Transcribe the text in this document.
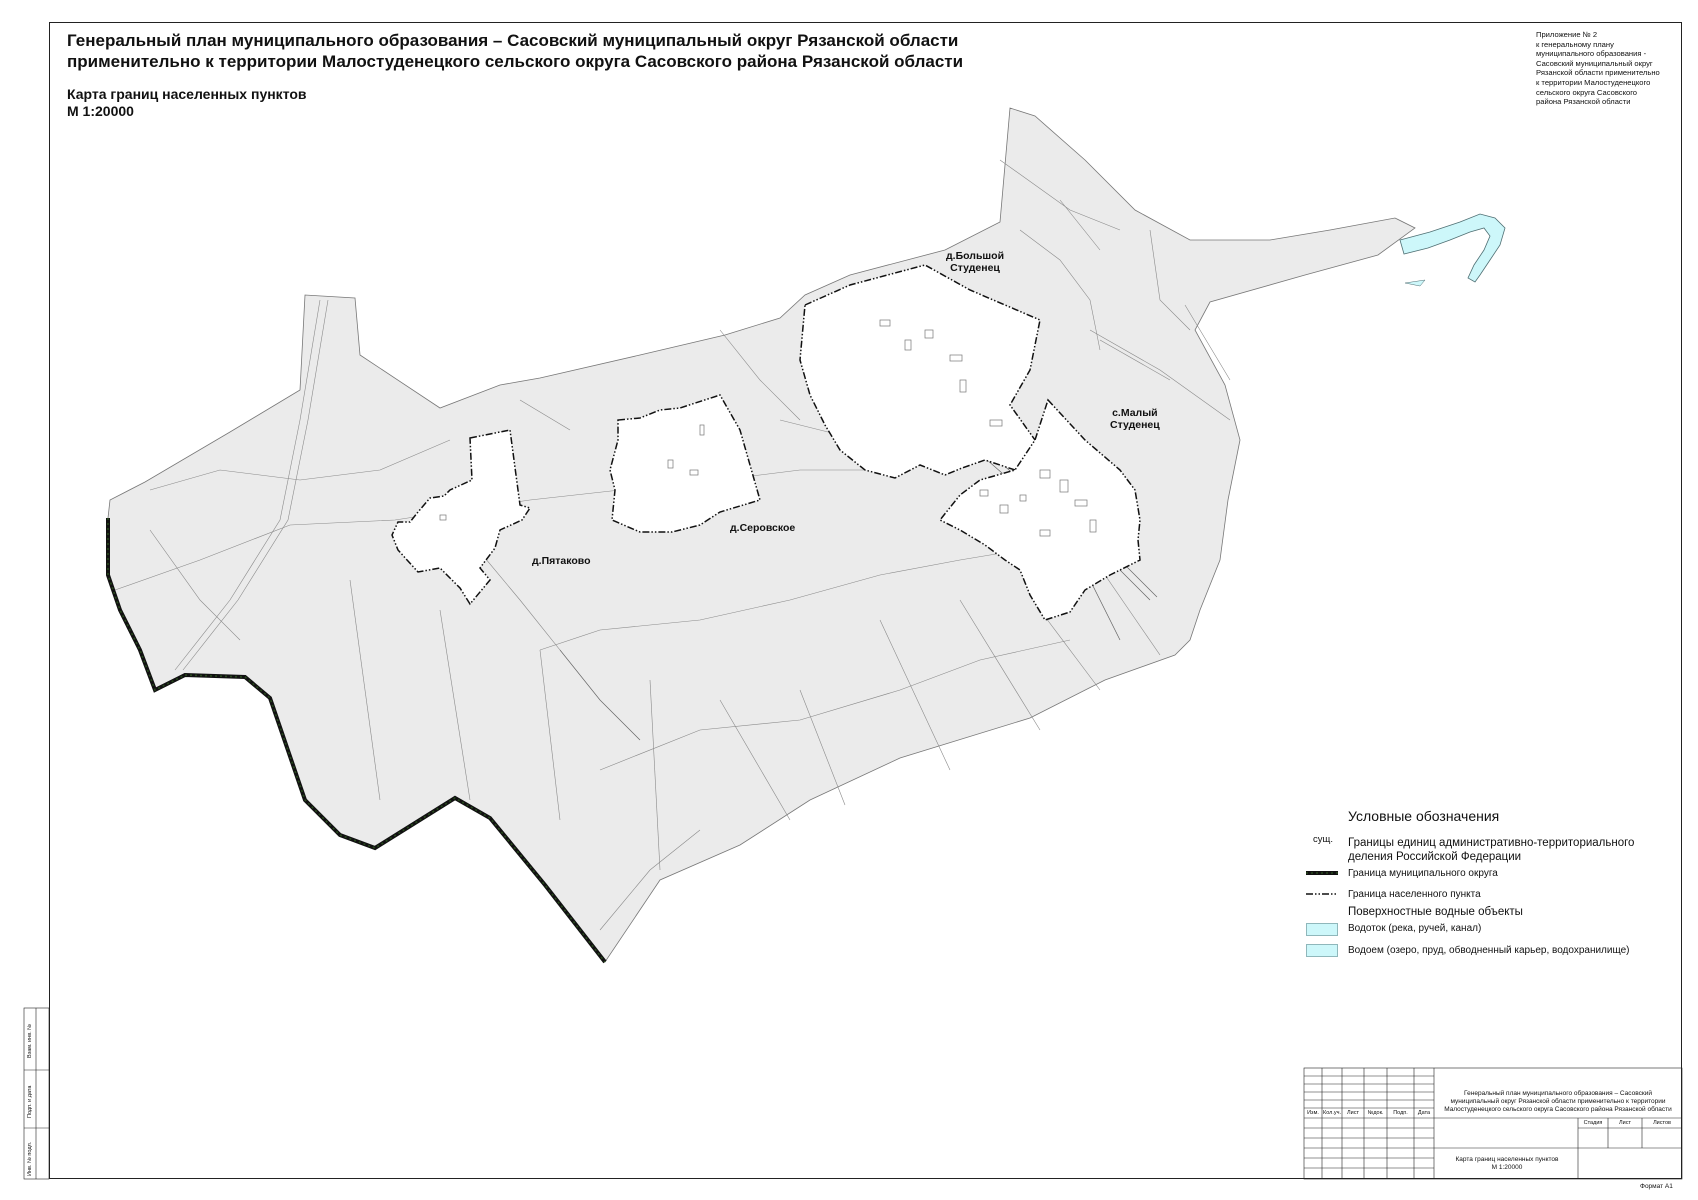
Генеральный план муниципального образования – Сасовский муниципальный округ Рязанской области

применительно к территории Малостуденецкого сельского округа Сасовского района Рязанской области

Карта границ населенных пунктов
М 1:20000
Приложение № 2
к генеральному плану
муниципального образования -
Сасовский муниципальный округ
Рязанской области применительно
к территории Малостуденецкого
сельского округа Сасовского
района Рязанской области
д.Большой
Студенец
с.Малый
Студенец
д.Серовское
д.Пятаково
Условные обозначения
сущ. Границы единиц административно-территориального
деления Российской Федерации
Граница муниципального округа
Граница населенного пункта
Поверхностные водные объекты
Водоток (река, ручей, канал)
Водоем (озеро, пруд, обводненный карьер, водохранилище)
Изм. Кол.уч.	Лист	№док.	Подп.	Дата
Генеральный план муниципального образования – Сасовский
муниципальный округ Рязанской области применительно к территории
Малостуденецкого сельского округа Сасовского района Рязанской области
Стадия	Лист	Листов
Карта границ населенных пунктов
М 1:20000
Формат А1
Инв. № подл.
Подп. и дата
Взам. инв. №
